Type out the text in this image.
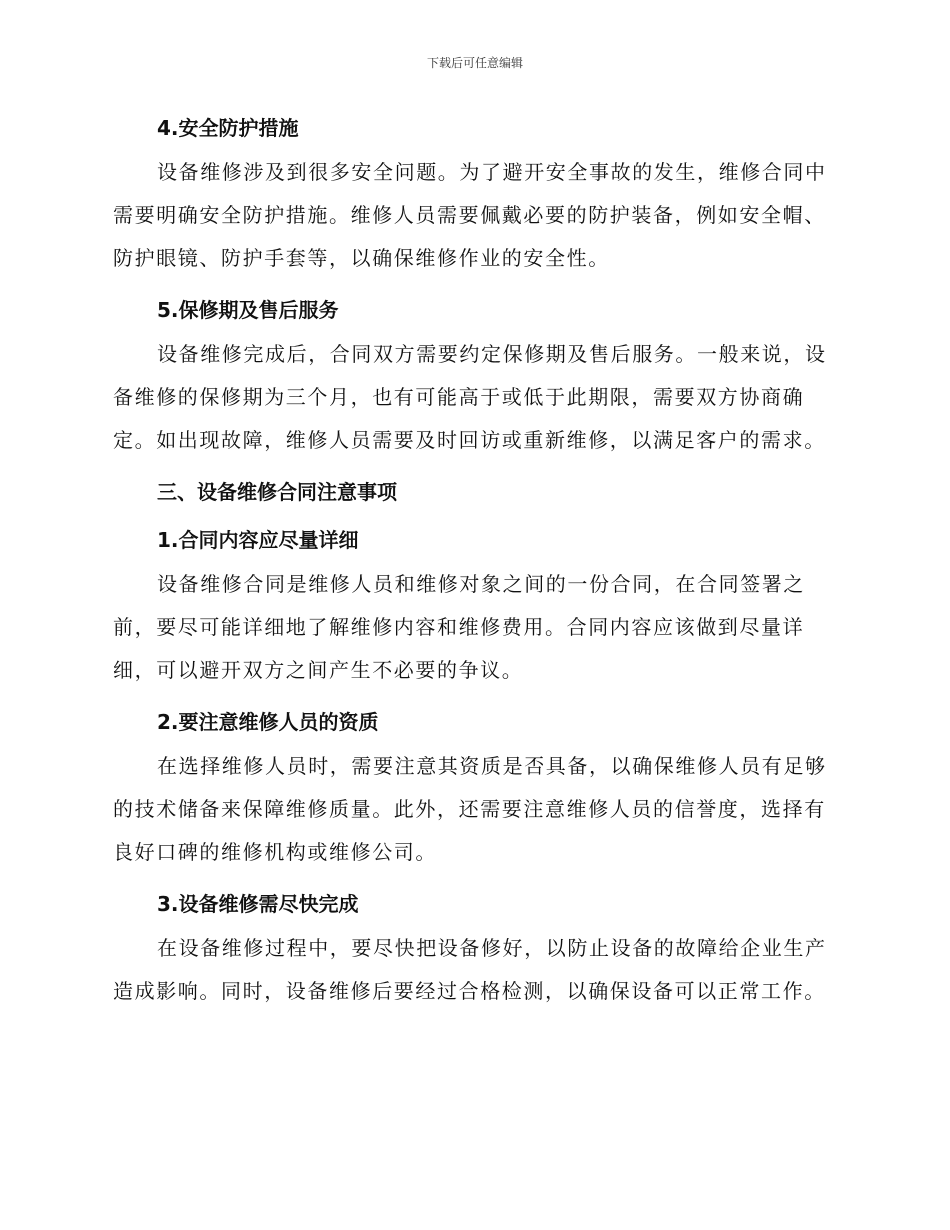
下载后可任意编辑
4.安全防护措施

设备维修涉及到很多安全问题。为了避开安全事故的发生，维修合同中需要明确安全防护措施。维修人员需要佩戴必要的防护装备，例如安全帽、防护眼镜、防护手套等，以确保维修作业的安全性。

5.保修期及售后服务

设备维修完成后，合同双方需要约定保修期及售后服务。一般来说，设备维修的保修期为三个月，也有可能高于或低于此期限，需要双方协商确定。如出现故障，维修人员需要及时回访或重新维修，以满足客户的需求。

三、设备维修合同注意事项
1.合同内容应尽量详细

设备维修合同是维修人员和维修对象之间的一份合同，在合同签署之前，要尽可能详细地了解维修内容和维修费用。合同内容应该做到尽量详细，可以避开双方之间产生不必要的争议。

2.要注意维修人员的资质

在选择维修人员时，需要注意其资质是否具备，以确保维修人员有足够的技术储备来保障维修质量。此外，还需要注意维修人员的信誉度，选择有良好口碑的维修机构或维修公司。

3.设备维修需尽快完成

在设备维修过程中，要尽快把设备修好，以防止设备的故障给企业生产造成影响。同时，设备维修后要经过合格检测，以确保设备可以正常工作。
